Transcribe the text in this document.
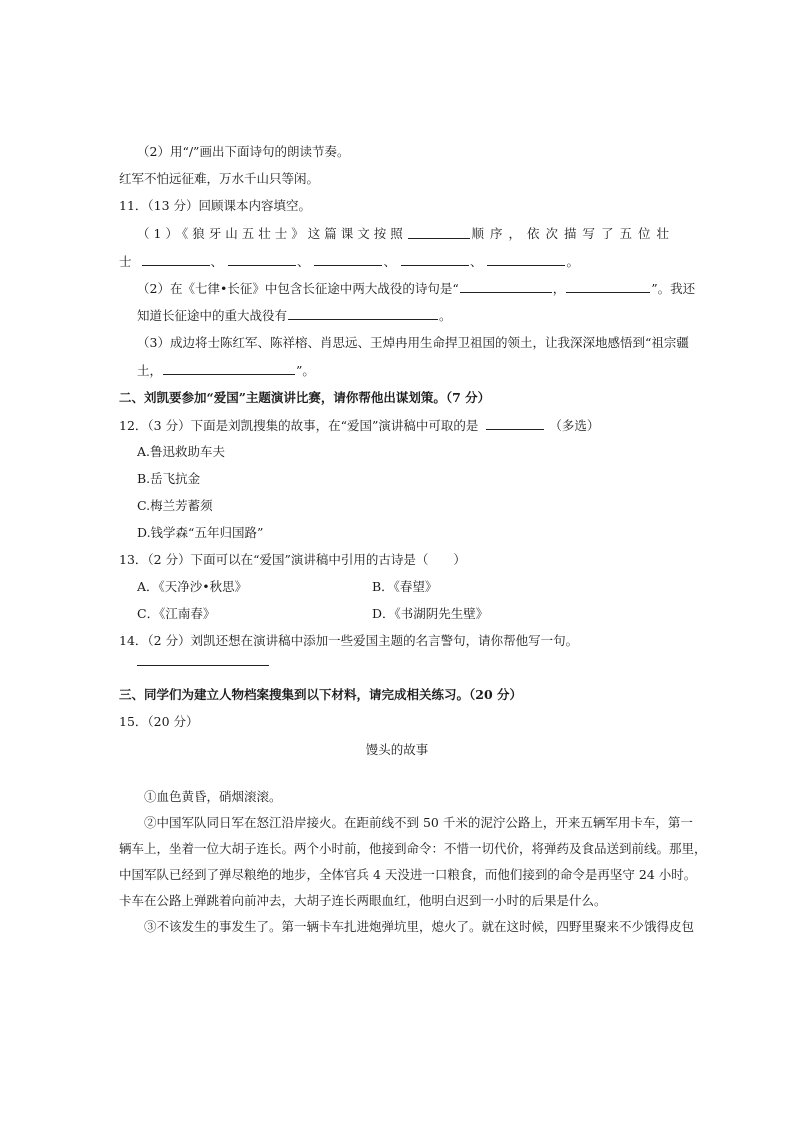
（2）用“/”画出下面诗句的朗读节奏。
红军不怕远征难，万水千山只等闲。
11．（13 分）回顾课本内容填空。
（1）《狼牙山五壮士》这篇课文按照	顺序，依次描写了五位壮
士	、	、	、	、	。
（2）在《七律•长征》中包含长征途中两大战役的诗句是“	，	”。我还
知道长征途中的重大战役有	。
（3）成边将士陈红军、陈祥榕、肖思远、王焯冉用生命捍卫祖国的领土，让我深深地感悟到“祖宗疆
土，	”。
二、刘凯要参加“爱国”主题演讲比赛，请你帮他出谋划策。（7 分）
12．（3 分）下面是刘凯搜集的故事，在“爱国”演讲稿中可取的是	（多选）
A.鲁迅救助车夫
B.岳飞抗金
C.梅兰芳蓄须
D.钱学森“五年归国路”
13．（2 分）下面可以在“爱国”演讲稿中引用的古诗是（　　）
A．《天净沙•秋思》	B．《春望》
C．《江南春》	D．《书湖阴先生壁》
14．（2 分）刘凯还想在演讲稿中添加一些爱国主题的名言警句，请你帮他写一句。
三、同学们为建立人物档案搜集到以下材料，请完成相关练习。（20 分）
15．（20 分）
馒头的故事
①血色黄昏，硝烟滚滚。
②中国军队同日军在怒江沿岸接火。在距前线不到 50 千米的泥泞公路上，开来五辆军用卡车，第一
辆车上，坐着一位大胡子连长。两个小时前，他接到命令：不惜一切代价，将弹药及食品送到前线。那里，
中国军队已经到了弹尽粮绝的地步，全体官兵 4 天没进一口粮食，而他们接到的命令是再坚守 24 小时。
卡车在公路上弹跳着向前冲去，大胡子连长两眼血红，他明白迟到一小时的后果是什么。
③不该发生的事发生了。第一辆卡车扎进炮弹坑里，熄火了。就在这时候，四野里聚来不少饿得皮包
